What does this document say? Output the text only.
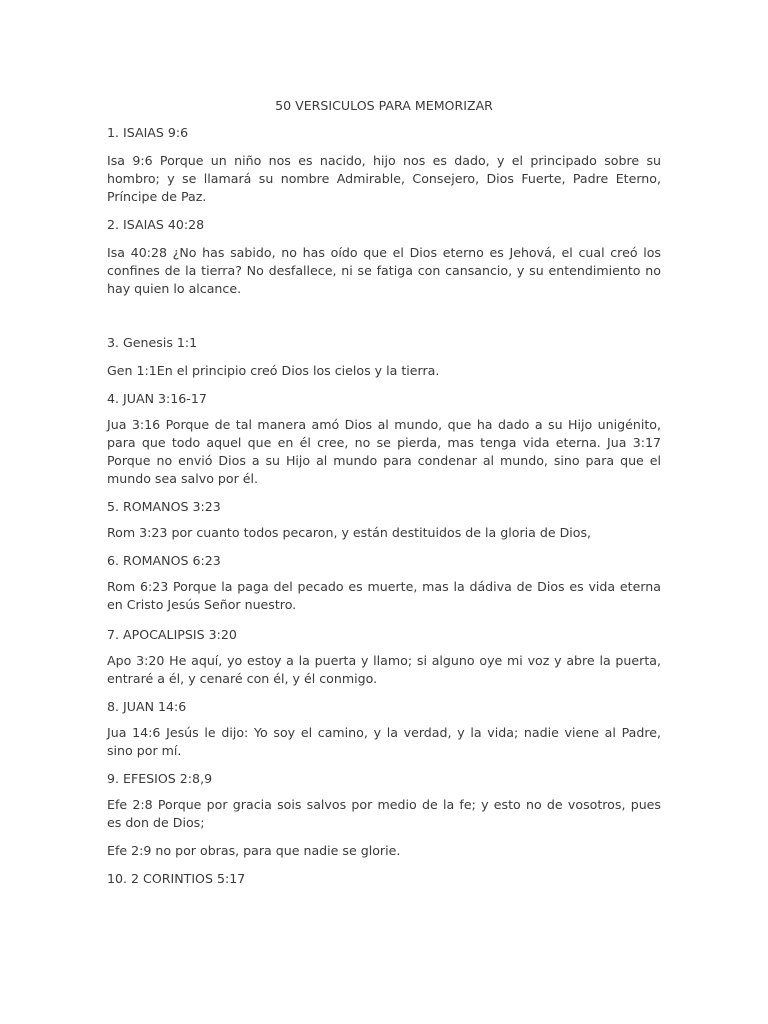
50 VERSICULOS PARA MEMORIZAR
1. ISAIAS 9:6
Isa 9:6 Porque un niño nos es nacido, hijo nos es dado, y el principado sobre su
hombro; y se llamará su nombre Admirable, Consejero, Dios Fuerte, Padre Eterno,
Príncipe de Paz.
2. ISAIAS 40:28
Isa 40:28 ¿No has sabido, no has oído que el Dios eterno es Jehová, el cual creó los
confines de la tierra? No desfallece, ni se fatiga con cansancio, y su entendimiento no
hay quien lo alcance.
3. Genesis 1:1
Gen 1:1En el principio creó Dios los cielos y la tierra.
4. JUAN 3:16-17
Jua 3:16 Porque de tal manera amó Dios al mundo, que ha dado a su Hijo unigénito,
para que todo aquel que en él cree, no se pierda, mas tenga vida eterna. Jua 3:17
Porque no envió Dios a su Hijo al mundo para condenar al mundo, sino para que el
mundo sea salvo por él.
5. ROMANOS 3:23
Rom 3:23 por cuanto todos pecaron, y están destituidos de la gloria de Dios,
6. ROMANOS 6:23
Rom 6:23 Porque la paga del pecado es muerte, mas la dádiva de Dios es vida eterna
en Cristo Jesús Señor nuestro.
7. APOCALIPSIS 3:20
Apo 3:20 He aquí, yo estoy a la puerta y llamo; si alguno oye mi voz y abre la puerta,
entraré a él, y cenaré con él, y él conmigo.
8. JUAN 14:6
Jua 14:6 Jesús le dijo: Yo soy el camino, y la verdad, y la vida; nadie viene al Padre,
sino por mí.
9. EFESIOS 2:8,9
Efe 2:8 Porque por gracia sois salvos por medio de la fe; y esto no de vosotros, pues
es don de Dios;
Efe 2:9 no por obras, para que nadie se glorie.
10. 2 CORINTIOS 5:17
